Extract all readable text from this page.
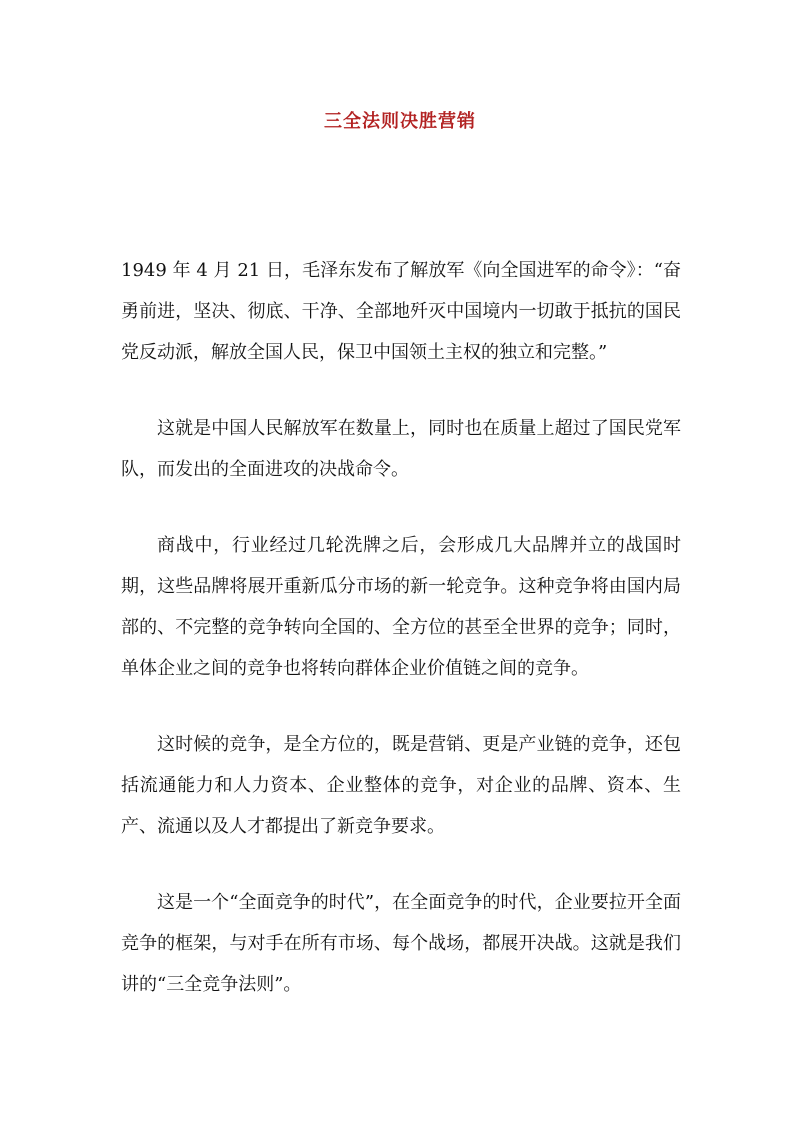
三全法则决胜营销

1949 年 4 月 21 日，毛泽东发布了解放军《向全国进军的命令》：“奋勇前进，坚决、彻底、干净、全部地歼灭中国境内一切敢于抵抗的国民党反动派，解放全国人民，保卫中国领土主权的独立和完整。”

这就是中国人民解放军在数量上，同时也在质量上超过了国民党军队，而发出的全面进攻的决战命令。

商战中，行业经过几轮洗牌之后，会形成几大品牌并立的战国时期，这些品牌将展开重新瓜分市场的新一轮竞争。这种竞争将由国内局部的、不完整的竞争转向全国的、全方位的甚至全世界的竞争；同时，单体企业之间的竞争也将转向群体企业价值链之间的竞争。

这时候的竞争，是全方位的，既是营销、更是产业链的竞争，还包括流通能力和人力资本、企业整体的竞争，对企业的品牌、资本、生产、流通以及人才都提出了新竞争要求。

这是一个“全面竞争的时代”，在全面竞争的时代，企业要拉开全面竞争的框架，与对手在所有市场、每个战场，都展开决战。这就是我们讲的“三全竞争法则”。
